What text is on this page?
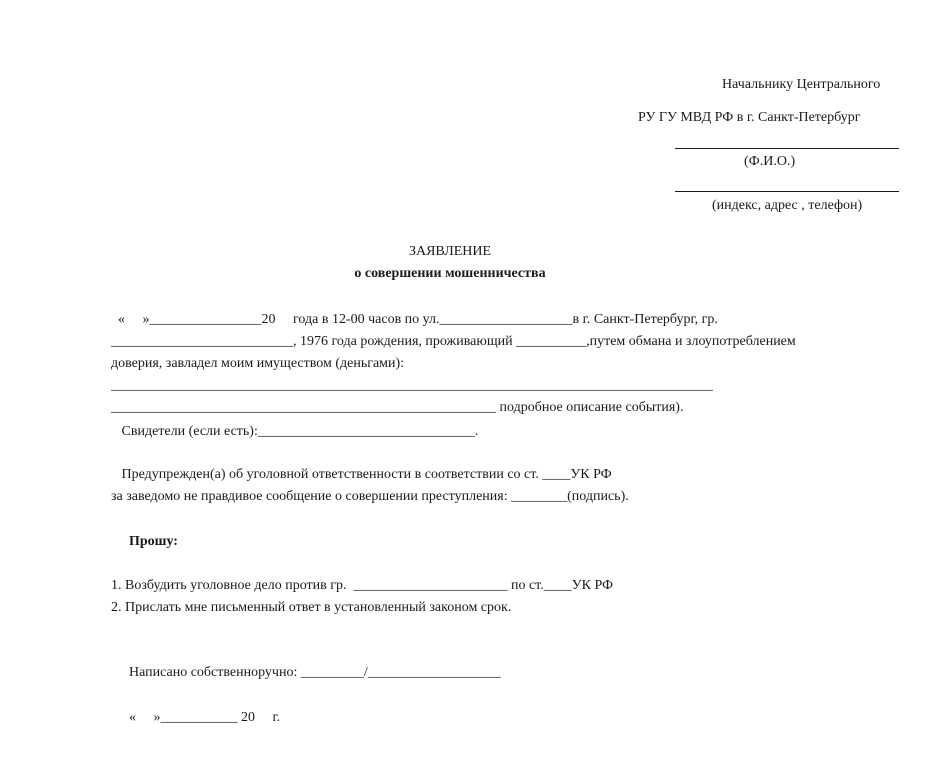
Начальнику Центрального
РУ ГУ МВД РФ в г. Санкт-Петербург
(Ф.И.О.)
(индекс, адрес , телефон)
ЗАЯВЛЕНИЕ
о совершении мошенничества
«     »________________20     года в 12-00 часов по ул.___________________в г. Санкт-Петербург, гр.
__________________________, 1976 года рождения, проживающий __________,путем обмана и злоупотреблением
доверия, завладел моим имуществом (деньгами):
______________________________________________________________________________________
_______________________________________________________ подробное описание события).
Свидетели (если есть):_______________________________.
Предупрежден(а) об уголовной ответственности в соответствии со ст. ____УК РФ
за заведомо не правдивое сообщение о совершении преступления: ________(подпись).
Прошу:
1. Возбудить уголовное дело против гр.  ______________________ по ст.____УК РФ
2. Прислать мне письменный ответ в установленный законом срок.
Написано собственноручно: _________/___________________
«     »___________ 20     г.
